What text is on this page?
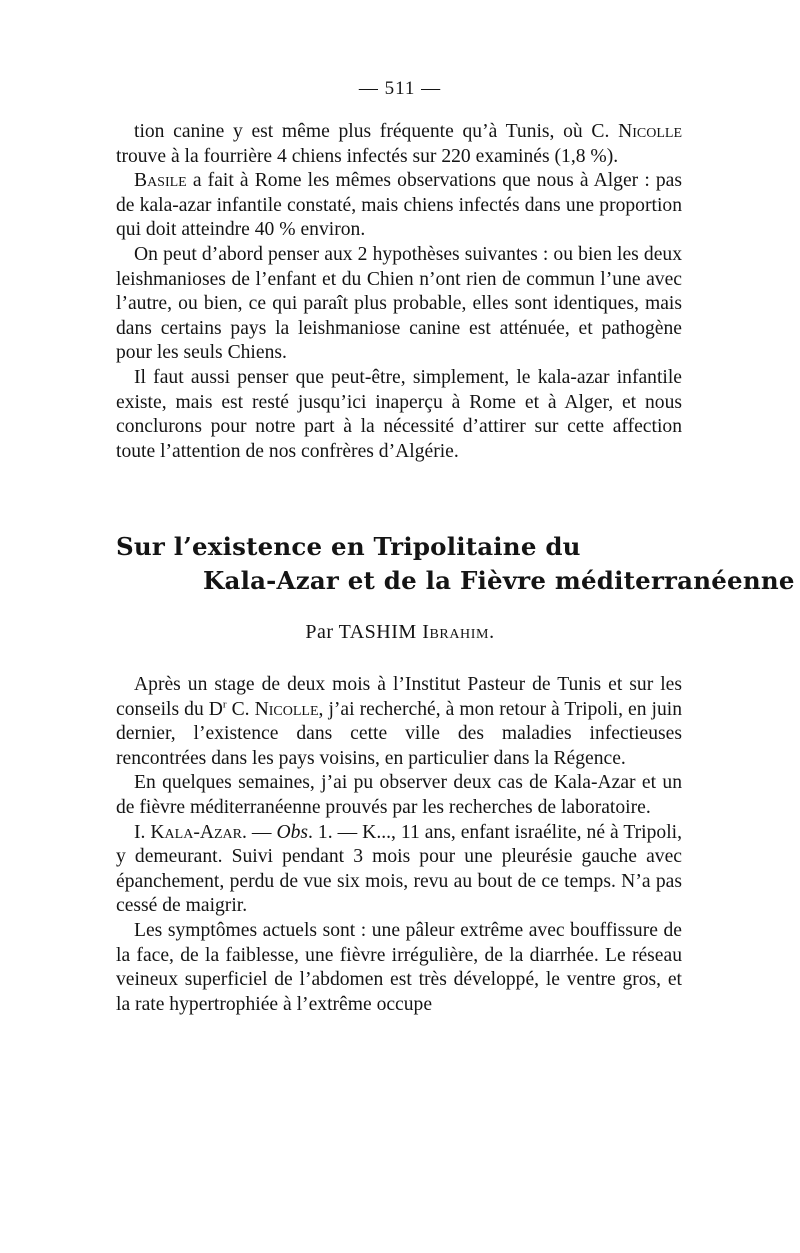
— 511 —

tion canine y est même plus fréquente qu’à Tunis, où C. Nicolle trouve à la fourrière 4 chiens infectés sur 220 examinés (1,8 %).

Basile a fait à Rome les mêmes observations que nous à Alger : pas de kala-azar infantile constaté, mais chiens infectés dans une proportion qui doit atteindre 40 % environ.

On peut d’abord penser aux 2 hypothèses suivantes : ou bien les deux leishmanioses de l’enfant et du Chien n’ont rien de commun l’une avec l’autre, ou bien, ce qui paraît plus probable, elles sont identiques, mais dans certains pays la leishmaniose canine est atténuée, et pathogène pour les seuls Chiens.

Il faut aussi penser que peut-être, simplement, le kala-azar infantile existe, mais est resté jusqu’ici inaperçu à Rome et à Alger, et nous conclurons pour notre part à la nécessité d’attirer sur cette affection toute l’attention de nos confrères d’Algérie.

Sur l’existence en Tripolitaine du
Kala-Azar et de la Fièvre méditerranéenne
Par TASHIM Ibrahim.

Après un stage de deux mois à l’Institut Pasteur de Tunis et sur les conseils du $D^r$ C. Nicolle, j’ai recherché, à mon retour à Tripoli, en juin dernier, l’existence dans cette ville des maladies infectieuses rencontrées dans les pays voisins, en particulier dans la Régence.

En quelques semaines, j’ai pu observer deux cas de Kala-Azar et un de fièvre méditerranéenne prouvés par les recherches de laboratoire.

I. Kala-Azar. — Obs. 1. — K..., 11 ans, enfant israélite, né à Tripoli, y demeurant. Suivi pendant 3 mois pour une pleurésie gauche avec épanchement, perdu de vue six mois, revu au bout de ce temps. N’a pas cessé de maigrir.

Les symptômes actuels sont : une pâleur extrême avec bouffissure de la face, de la faiblesse, une fièvre irrégulière, de la diarrhée. Le réseau veineux superficiel de l’abdomen est très développé, le ventre gros, et la rate hypertrophiée à l’extrême occupe
